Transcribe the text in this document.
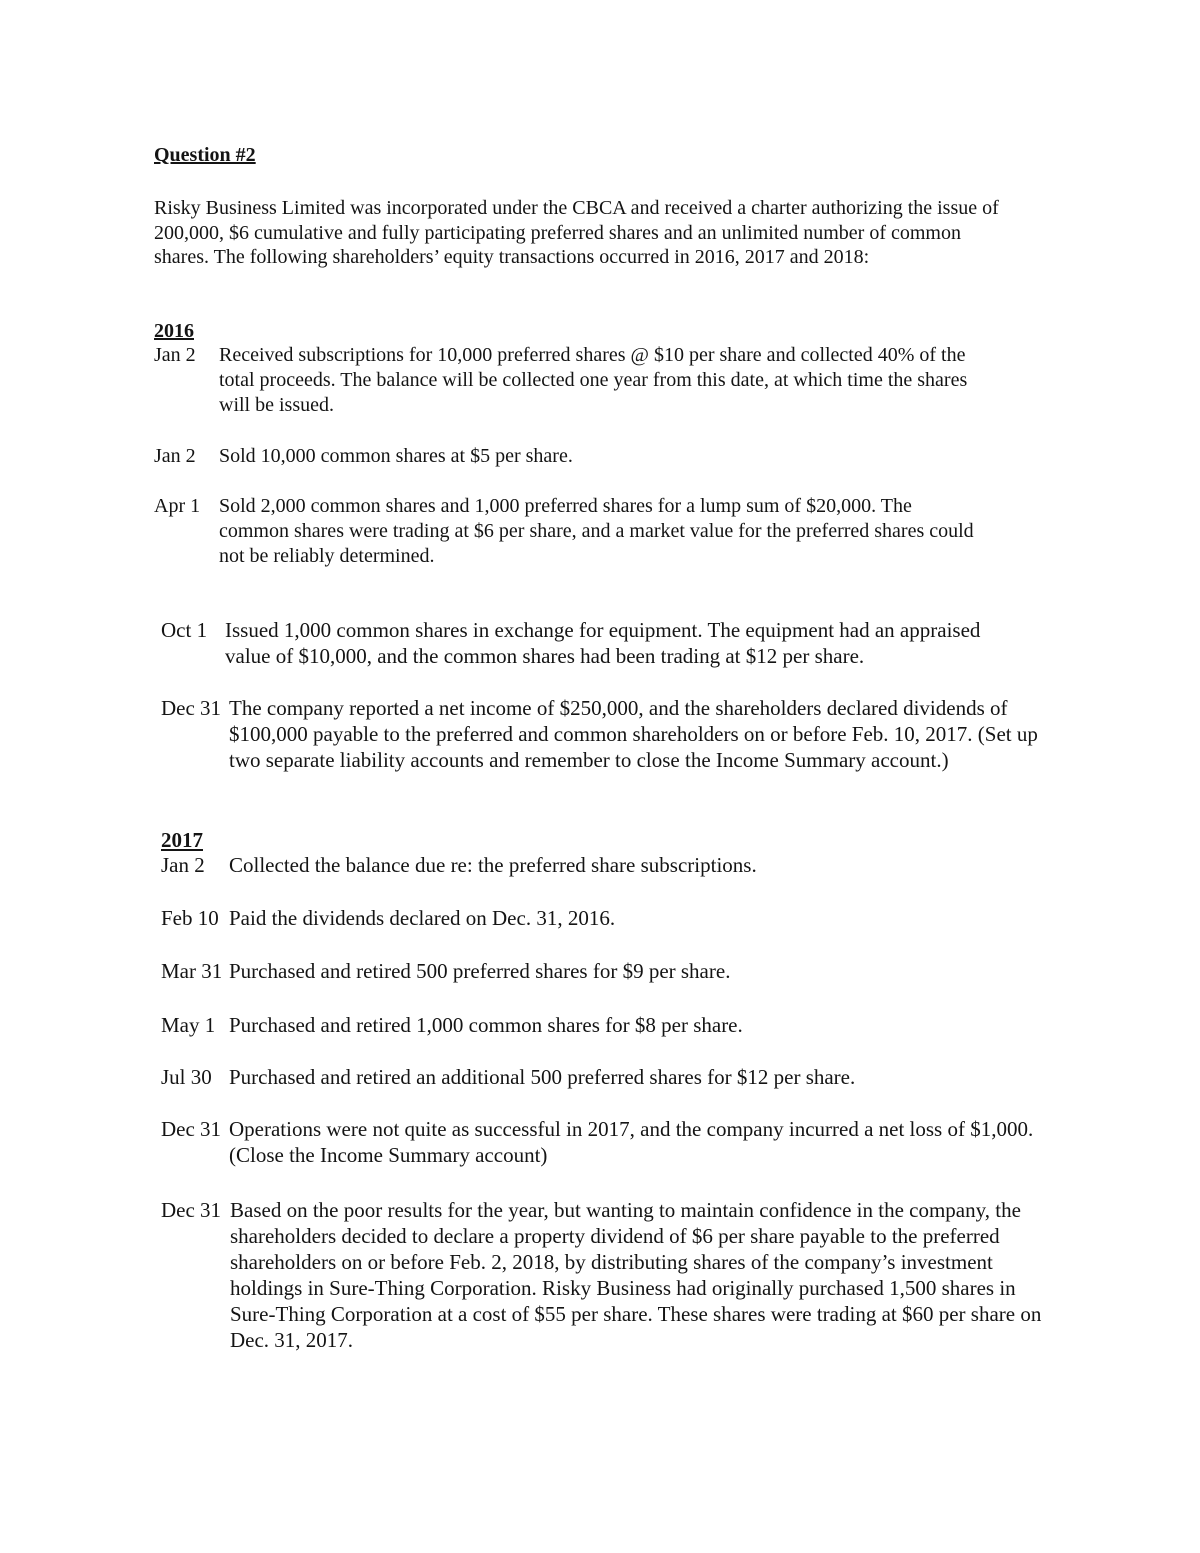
Question #2
Risky Business Limited was incorporated under the CBCA and received a charter authorizing the issue of 200,000, $6 cumulative and fully participating preferred shares and an unlimited number of common shares. The following shareholders’ equity transactions occurred in 2016, 2017 and 2018:
2016
Jan 2 Received subscriptions for 10,000 preferred shares @ $10 per share and collected 40% of the total proceeds. The balance will be collected one year from this date, at which time the shares will be issued.
Jan 2 Sold 10,000 common shares at $5 per share.
Apr 1 Sold 2,000 common shares and 1,000 preferred shares for a lump sum of $20,000. The common shares were trading at $6 per share, and a market value for the preferred shares could not be reliably determined.
Oct 1 Issued 1,000 common shares in exchange for equipment. The equipment had an appraised value of $10,000, and the common shares had been trading at $12 per share.
Dec 31 The company reported a net income of $250,000, and the shareholders declared dividends of $100,000 payable to the preferred and common shareholders on or before Feb. 10, 2017. (Set up two separate liability accounts and remember to close the Income Summary account.)
2017
Jan 2 Collected the balance due re: the preferred share subscriptions.
Feb 10 Paid the dividends declared on Dec. 31, 2016.
Mar 31 Purchased and retired 500 preferred shares for $9 per share.
May 1 Purchased and retired 1,000 common shares for $8 per share.
Jul 30 Purchased and retired an additional 500 preferred shares for $12 per share.
Dec 31 Operations were not quite as successful in 2017, and the company incurred a net loss of $1,000. (Close the Income Summary account)
Dec 31 Based on the poor results for the year, but wanting to maintain confidence in the company, the shareholders decided to declare a property dividend of $6 per share payable to the preferred shareholders on or before Feb. 2, 2018, by distributing shares of the company’s investment holdings in Sure-Thing Corporation. Risky Business had originally purchased 1,500 shares in Sure-Thing Corporation at a cost of $55 per share. These shares were trading at $60 per share on Dec. 31, 2017.
